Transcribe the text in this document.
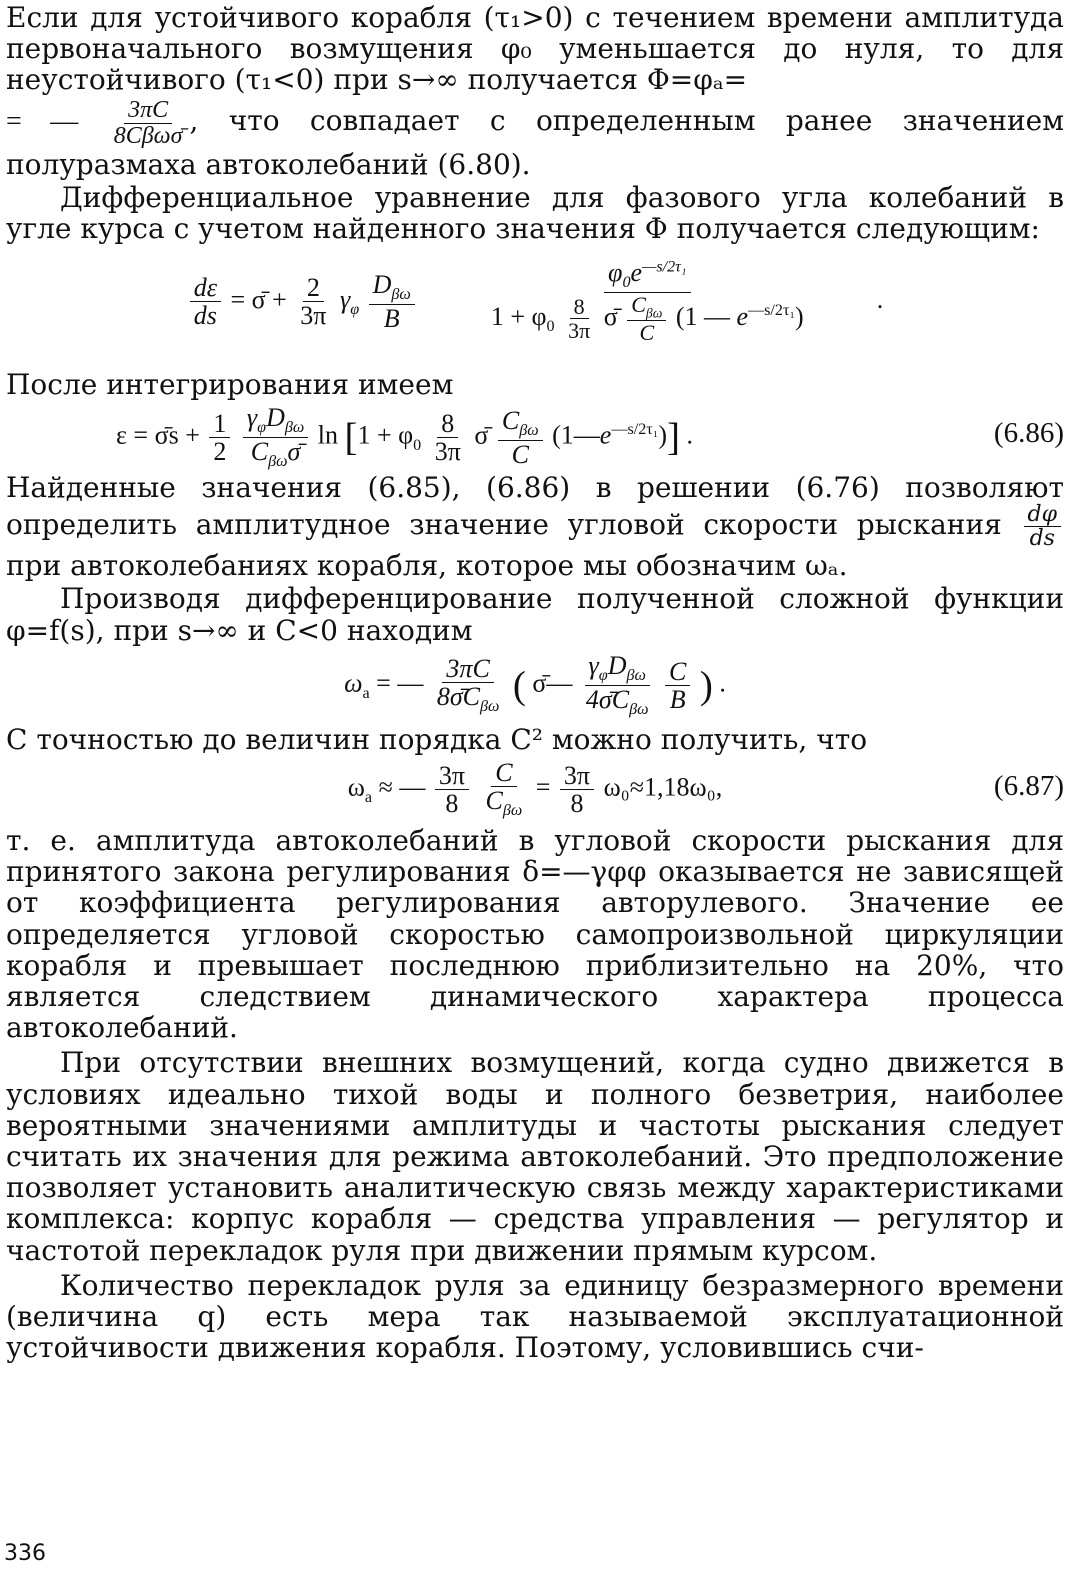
Если для устойчивого корабля (τ₁>0) с течением времени амплитуда первоначального возмущения φ₀ уменьшается до нуля, то для неустойчивого (τ₁<0) при s→∞ получается Φ=φₐ=

= — $\frac{3\pi C}{\text{8Cβωσ̄}}$ , что совпадает с определенным ранее значением полуразмаха автоколебаний (6.80).

Дифференциальное уравнение для фазового угла колебаний в угле курса с учетом найденного значения Φ получается следующим:

$\frac{d\varepsilon}{ds}$ = σ̄ + $\frac{2}{3\pi} \gamma_\varphi \frac{D_{\beta\omega}}{B}$
	$\varphi_0e^{—s/2\tau_1}$
$1 + \varphi_0 \frac{8}{3\pi}$ σ̄ $\frac{C_{\beta\omega}}{C} (1$ — $e^{—s/2\tau_1}$)
.

После интегрирования имеем

ε = σ̄s + $\frac{1}{2}$
$\frac{\gamma_\varphi D_{\beta\omega}}{C_{\beta\omega}\sigmā}$ $\ln [1 + \varphi_0 \frac{8}{3\pi}$ σ̄ $\frac{C_{\beta\omega}}{C}$ $(1—e^{—s/2\tau_1})$] .	(6.86)

Найденные значения (6.85), (6.86) в решении (6.76) позволяют определить амплитудное значение угловой скорости рыскания $\frac{d\varphi}{ds}$
при автоколебаниях корабля, которое мы обозначим ωₐ.

Производя дифференцирование полученной сложной функции φ=f(s), при s→∞ и C<0 находим

$\omega_a$ = — $\frac{3\pi C}{8\sigmāC_{\beta\omega}}$ ( σ̄— $\frac{\gamma_\varphi D_{\beta\omega}}{4\sigmāC_{\beta\omega}}$
$\frac{C}{B}$ ) .

С точностью до величин порядка C² можно получить, что

$\omega_a$ ≈ — $\frac{3\pi}{8}$
$\frac{C}{C_{\beta\omega}} = \frac{3\pi}{8} \omega_0\approx 1,18\omega_0$,	(6.87)

т. е. амплитуда автоколебаний в угловой скорости рыскания для принятого закона регулирования δ=—γφφ оказывается не зависящей от коэффициента регулирования авторулевого. Значение ее определяется угловой скоростью самопроизвольной циркуляции корабля и превышает последнюю приблизительно на 20%, что является следствием динамического характера процесса автоколебаний.

При отсутствии внешних возмущений, когда судно движется в условиях идеально тихой воды и полного безветрия, наиболее вероятными значениями амплитуды и частоты рыскания следует считать их значения для режима автоколебаний. Это предположение позволяет установить аналитическую связь между характеристиками комплекса: корпус корабля — средства управления — регулятор и частотой перекладок руля при движении прямым курсом.

Количество перекладок руля за единицу безразмерного времени (величина q) есть мера так называемой эксплуатационной устойчивости движения корабля. Поэтому, условившись счи-

336
